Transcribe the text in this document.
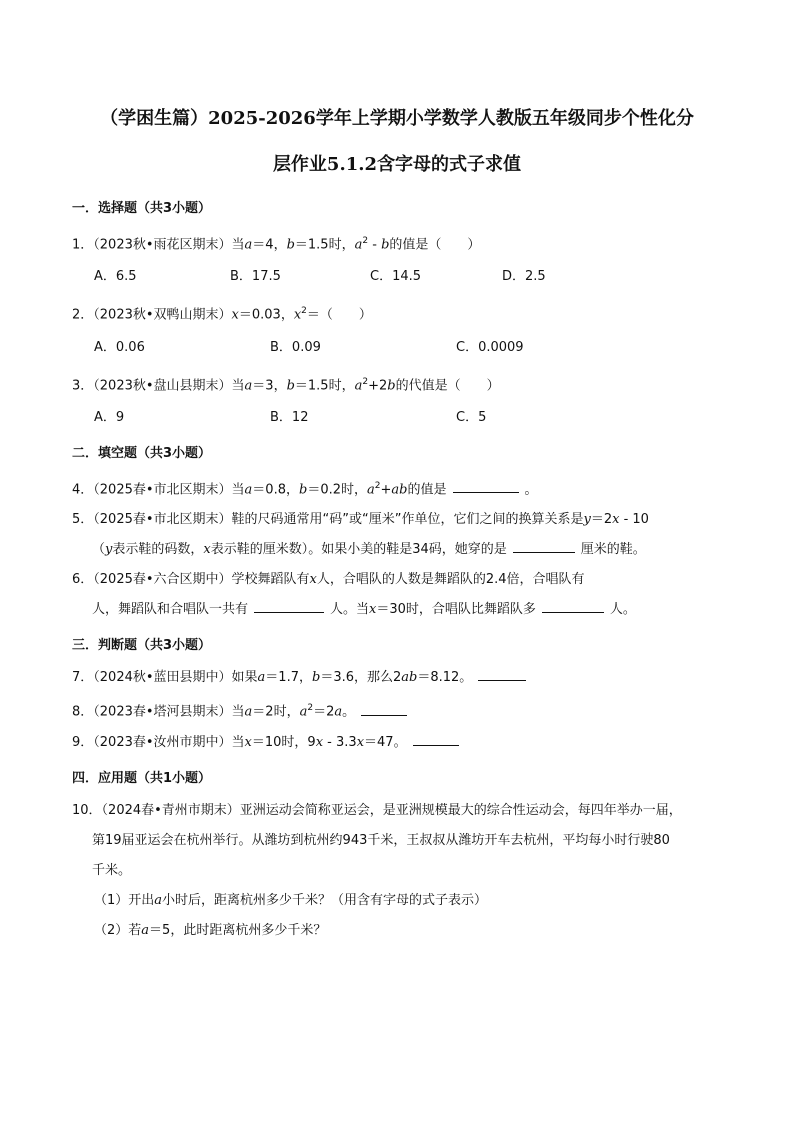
（学困生篇）2025-2026学年上学期小学数学人教版五年级同步个性化分
层作业5.1.2含字母的式子求值
一．选择题（共3小题）

1．（2023秋•雨花区期末）当a＝4，b＝1.5时，$a^2$ - b的值是（　　）

A．6.5	B．17.5	C．14.5	D．2.5

2．（2023秋•双鸭山期末）x＝0.03，$x^2=$（　　）

A．0.06	B．0.09	C．0.0009

3．（2023秋•盘山县期末）当a＝3，b＝1.5时，$a^2+2b$的代值是（　　）

A．9	B．12	C．5
二．填空题（共3小题）

4．（2025春•市北区期末）当a＝0.8，b＝0.2时，$a^2+ab$的值是	。

5．（2025春•市北区期末）鞋的尺码通常用“码”或“厘米”作单位，它们之间的换算关系是y＝2x - 10
（y表示鞋的码数，x表示鞋的厘米数）。如果小美的鞋是34码，她穿的是	厘米的鞋。

6．（2025春•六合区期中）学校舞蹈队有x人，合唱队的人数是舞蹈队的2.4倍，合唱队有
人，舞蹈队和合唱队一共有	人。当x＝30时，合唱队比舞蹈队多	人。

三．判断题（共3小题）

7．（2024秋•蓝田县期中）如果a＝1.7，b＝3.6，那么2ab＝8.12。

8．（2023春•塔河县期末）当a＝2时，$a^2=2a$。

9．（2023春•汝州市期中）当x＝10时，9x - 3.3x＝47。

四．应用题（共1小题）

10．（2024春•青州市期末）亚洲运动会简称亚运会，是亚洲规模最大的综合性运动会，每四年举办一届，
第19届亚运会在杭州举行。从潍坊到杭州约943千米，王叔叔从潍坊开车去杭州，平均每小时行驶80
千米。

（1）开出a小时后，距离杭州多少千米？（用含有字母的式子表示）
（2）若a＝5，此时距离杭州多少千米？
